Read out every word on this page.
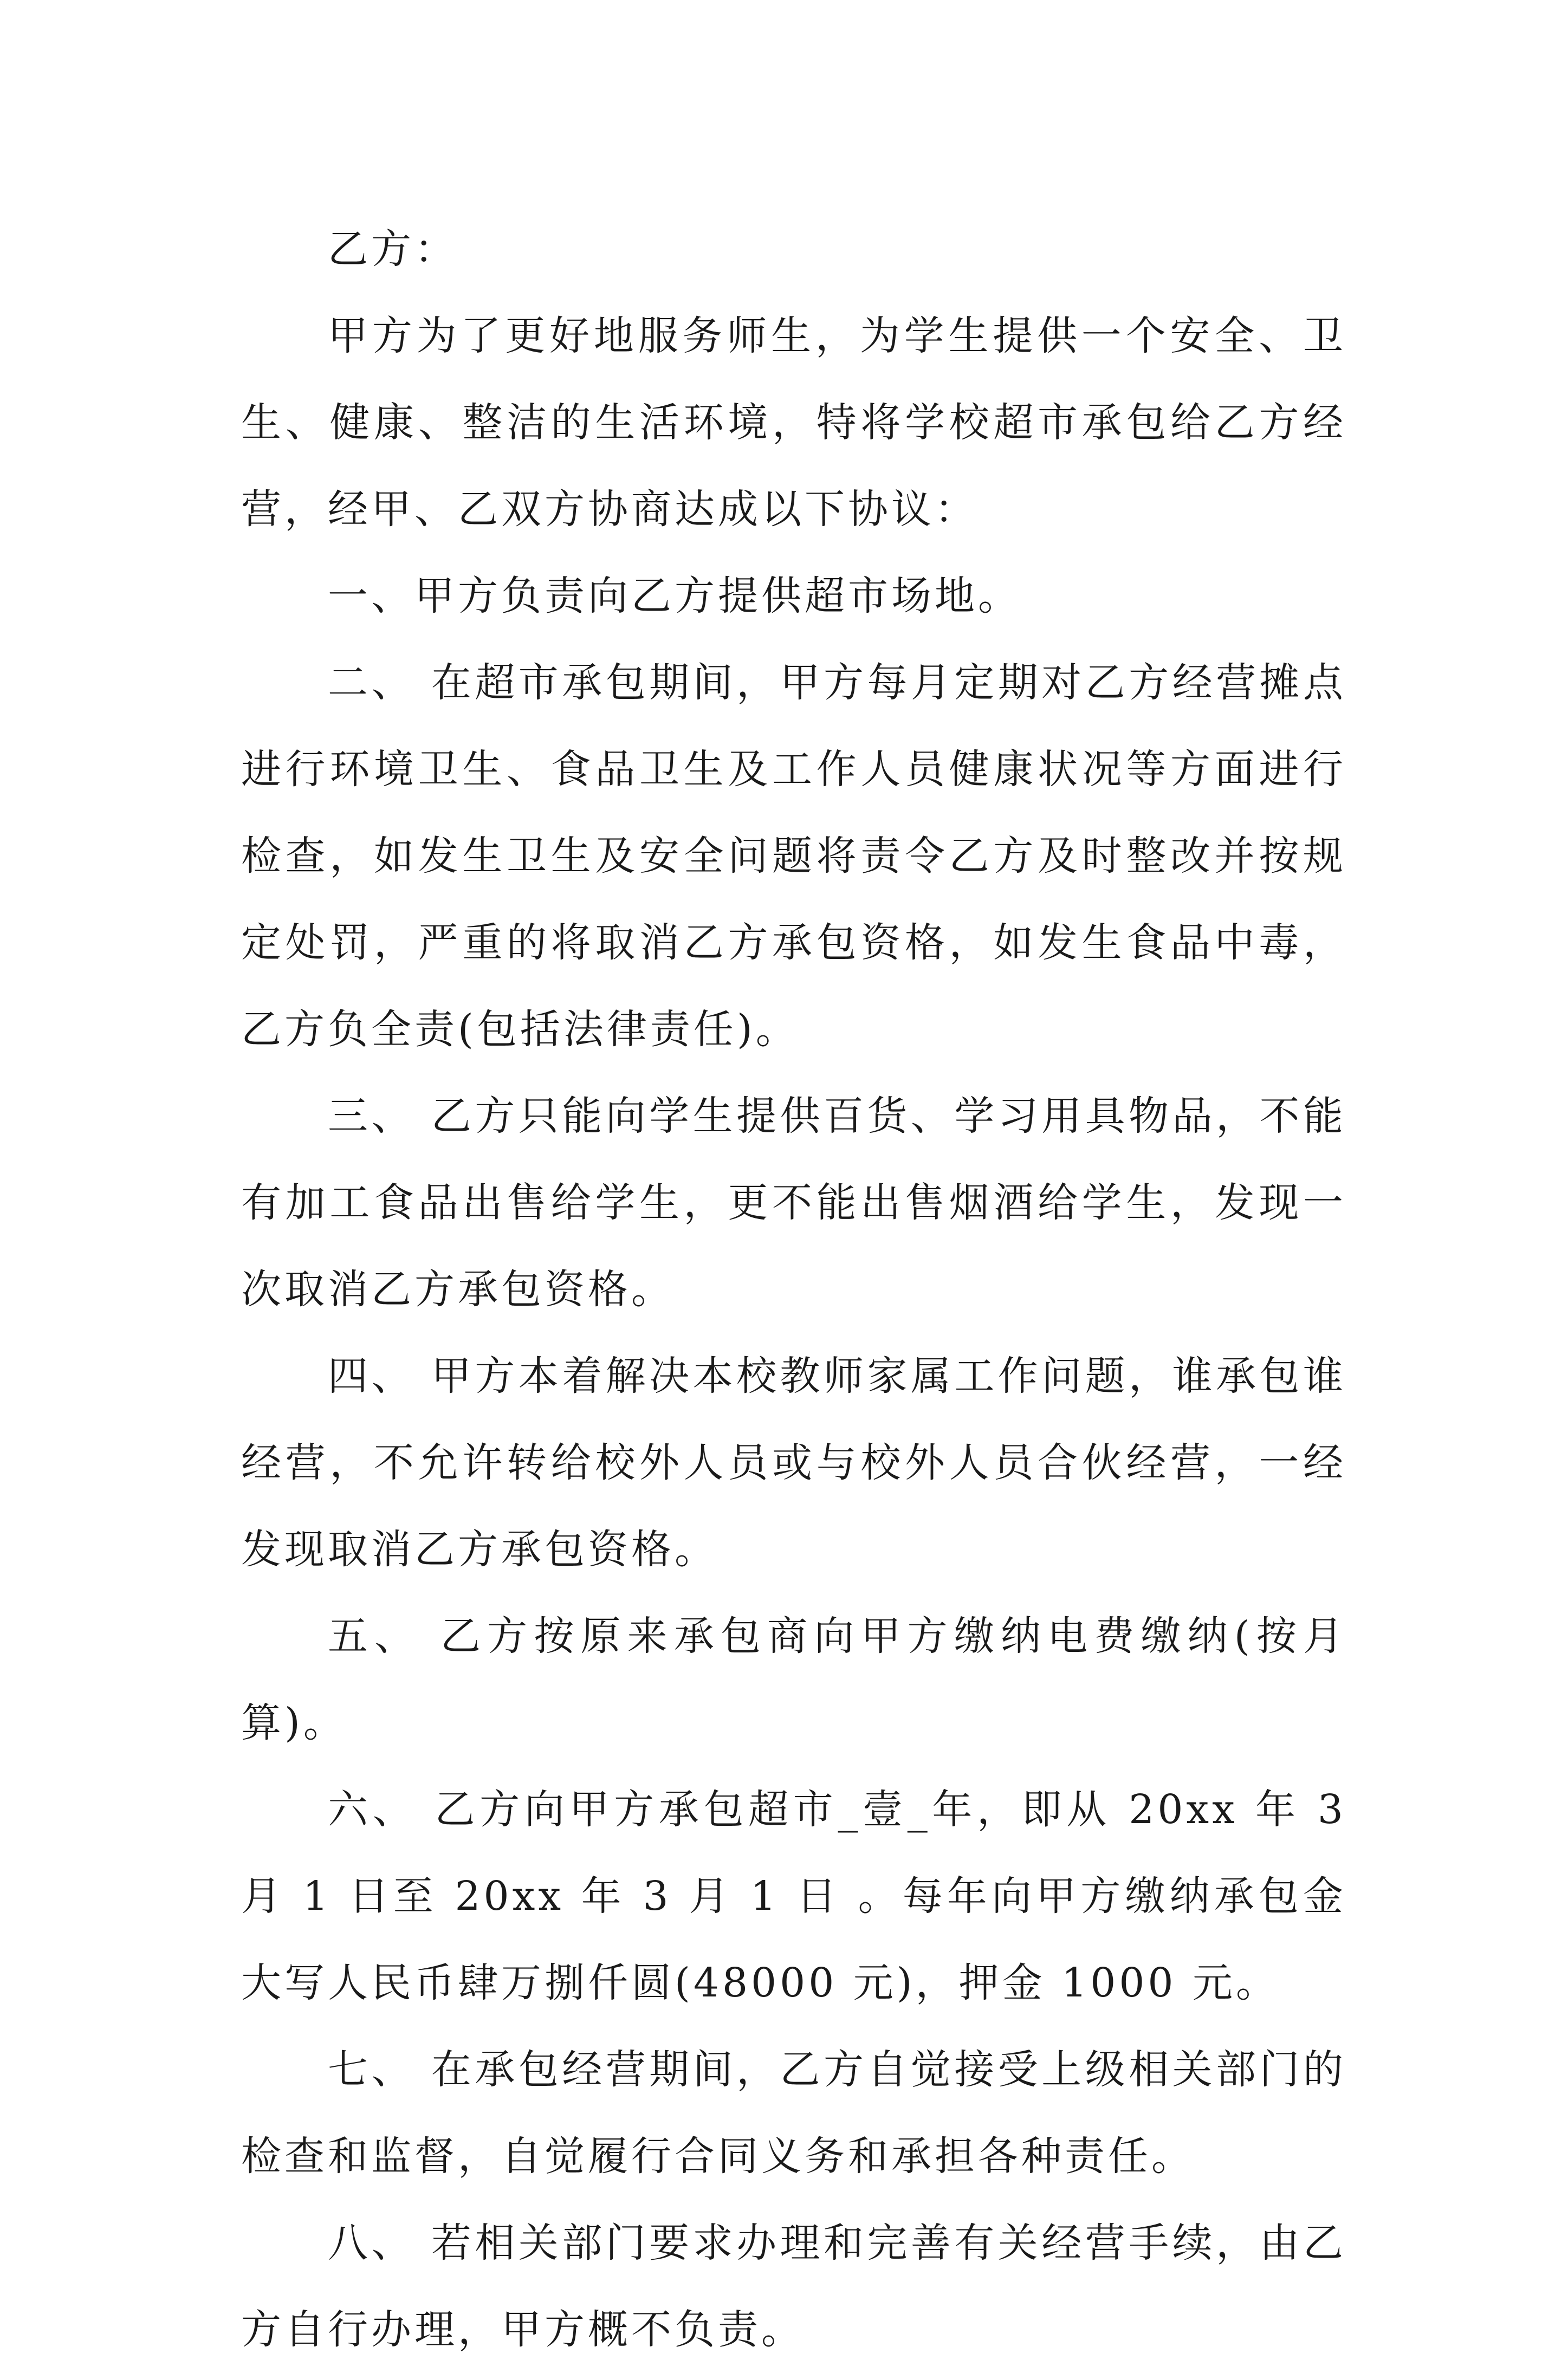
乙方：

甲方为了更好地服务师生，为学生提供一个安全、卫生、健康、整洁的生活环境，特将学校超市承包给乙方经营，经甲、乙双方协商达成以下协议：

一、甲方负责向乙方提供超市场地。

二、 在超市承包期间，甲方每月定期对乙方经营摊点进行环境卫生、食品卫生及工作人员健康状况等方面进行检查，如发生卫生及安全问题将责令乙方及时整改并按规定处罚，严重的将取消乙方承包资格，如发生食品中毒，乙方负全责(包括法律责任)。

三、 乙方只能向学生提供百货、学习用具物品，不能有加工食品出售给学生，更不能出售烟酒给学生，发现一次取消乙方承包资格。

四、 甲方本着解决本校教师家属工作问题，谁承包谁经营，不允许转给校外人员或与校外人员合伙经营，一经发现取消乙方承包资格。

五、 乙方按原来承包商向甲方缴纳电费缴纳(按月算)。

六、 乙方向甲方承包超市_壹_年，即从 20xx 年 3 月 1 日至 20xx 年 3 月 1 日 。每年向甲方缴纳承包金大写人民币肆万捌仟圆(48000 元)，押金 1000 元。

七、 在承包经营期间，乙方自觉接受上级相关部门的检查和监督，自觉履行合同义务和承担各种责任。

八、 若相关部门要求办理和完善有关经营手续，由乙方自行办理，甲方概不负责。
